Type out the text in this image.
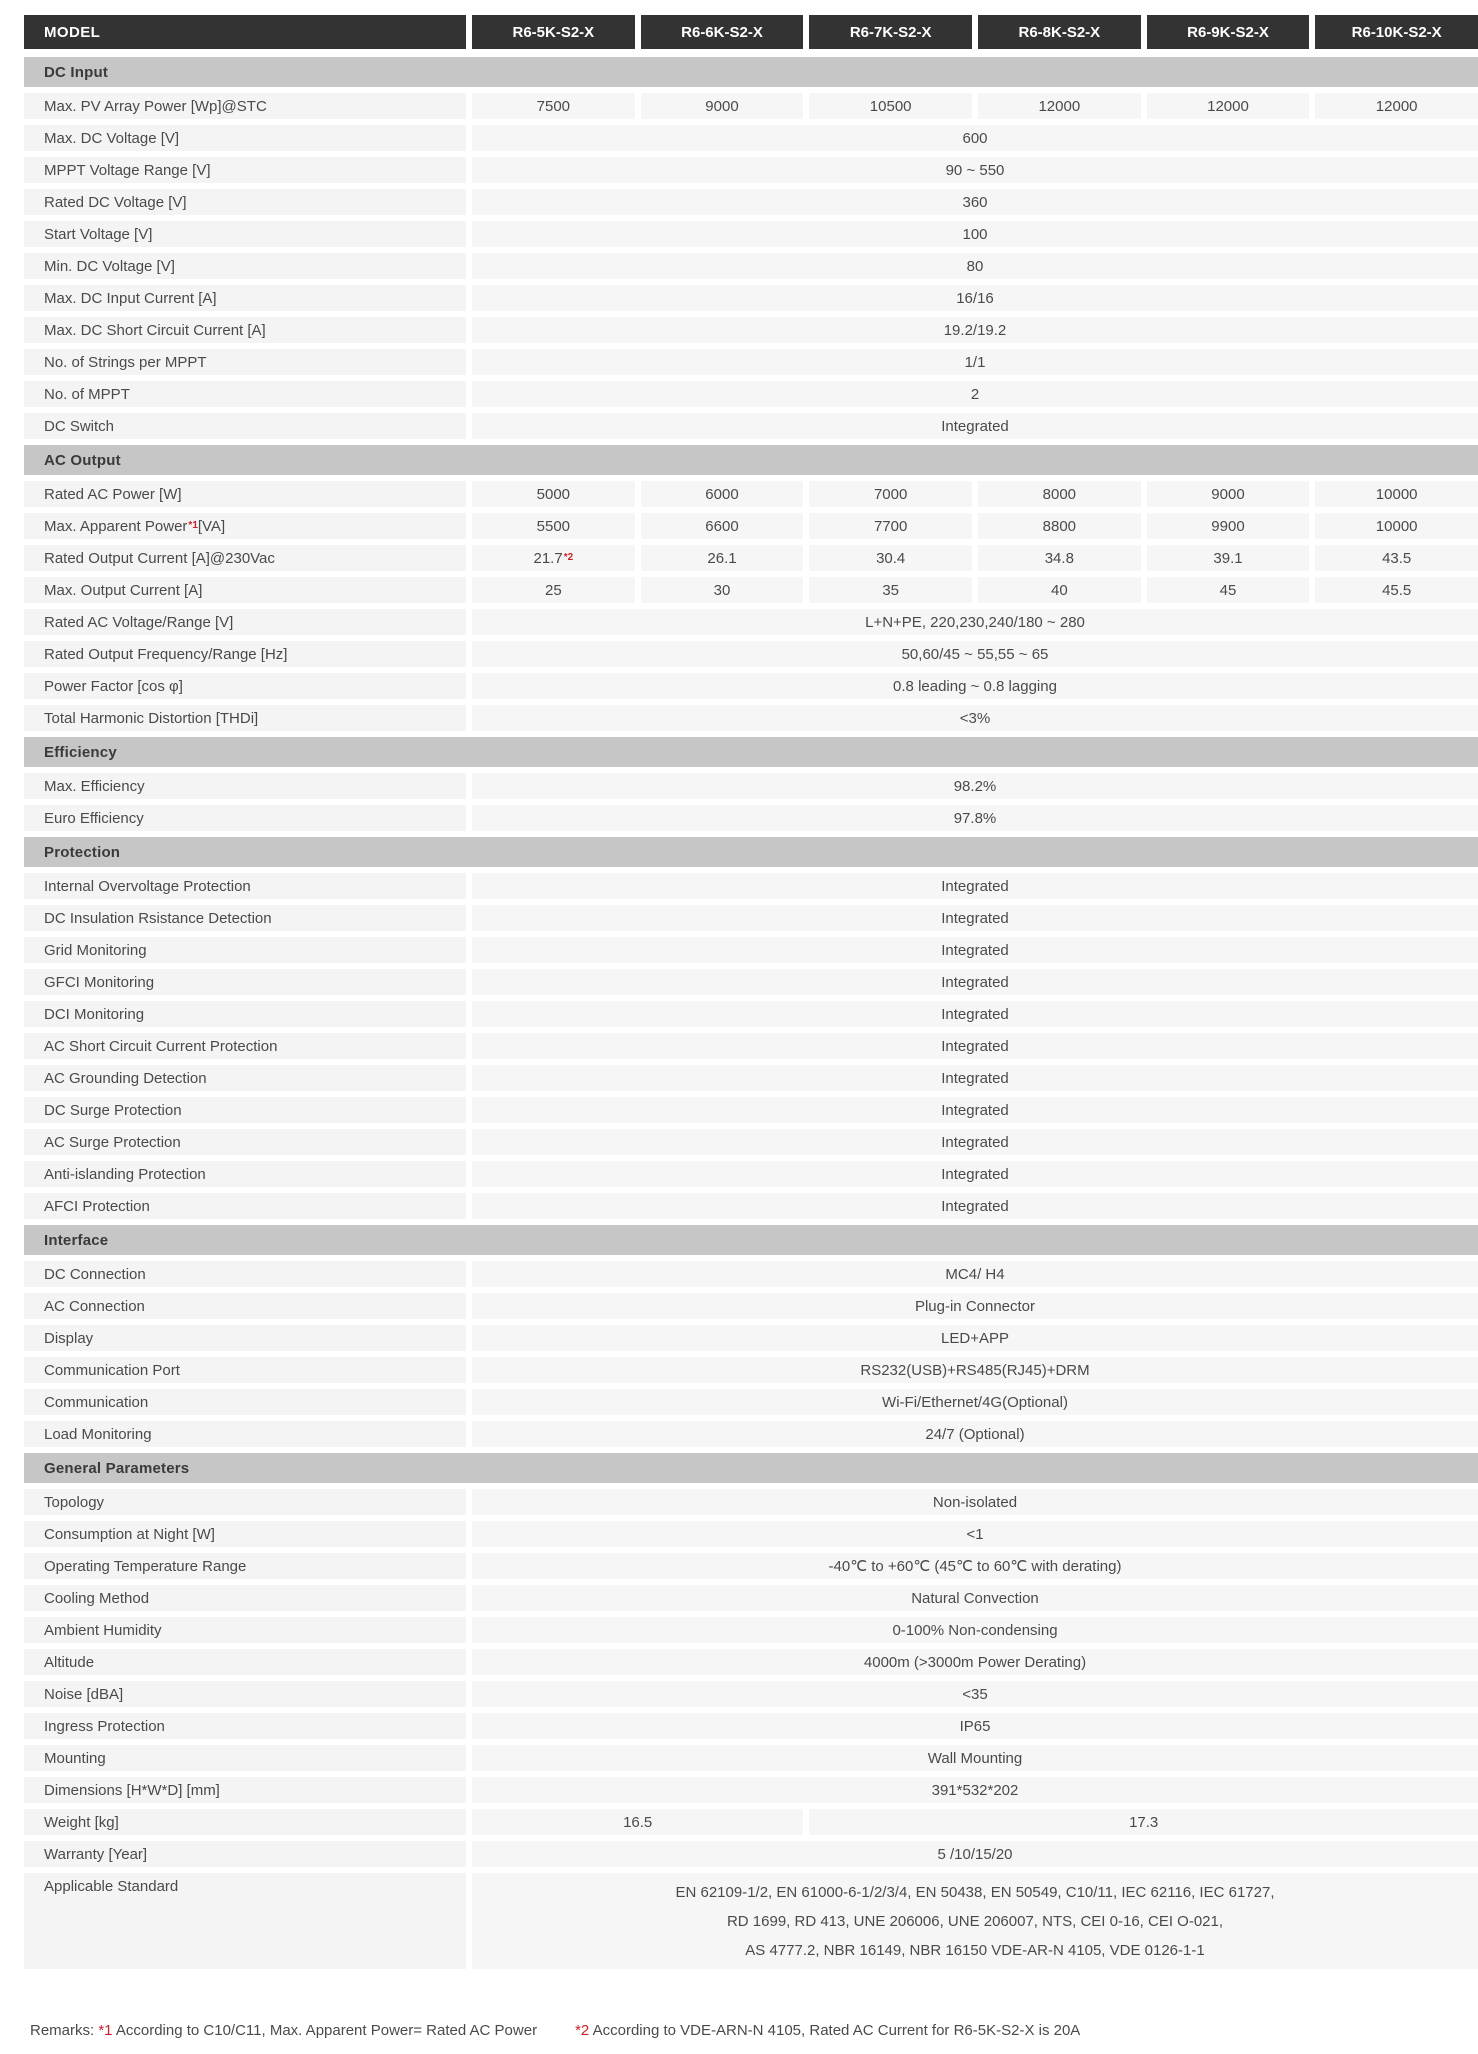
MODEL	R6-5K-S2-X	R6-6K-S2-X	R6-7K-S2-X	R6-8K-S2-X	R6-9K-S2-X	R6-10K-S2-X
DC Input
Max. PV Array Power [Wp]@STC	7500	9000	10500	12000	12000	12000
Max. DC Voltage [V]	600
MPPT Voltage Range [V]	90 ~ 550
Rated DC Voltage [V]	360
Start Voltage [V]	100
Min. DC Voltage [V]	80
Max. DC Input Current [A]	16/16
Max. DC Short Circuit Current [A]	19.2/19.2
No. of Strings per MPPT	1/1
No. of MPPT	2
DC Switch	Integrated
AC Output
Rated AC Power [W]	5000	6000	7000	8000	9000	10000
Max. Apparent Power *1 [VA]	5500	6600	7700	8800	9900	10000
Rated Output Current [A]@230Vac	21.7 *2	26.1	30.4	34.8	39.1	43.5
Max. Output Current [A]	25	30	35	40	45	45.5
Rated AC Voltage/Range [V]	L+N+PE, 220,230,240/180 ~ 280
Rated Output Frequency/Range [Hz]	50,60/45 ~ 55,55 ~ 65
Power Factor [cos φ]	0.8 leading ~ 0.8 lagging
Total Harmonic Distortion [THDi]	<3%
Efficiency
Max. Efficiency	98.2%
Euro Efficiency	97.8%
Protection
Internal Overvoltage Protection	Integrated
DC Insulation Rsistance Detection	Integrated
Grid Monitoring	Integrated
GFCI Monitoring	Integrated
DCI Monitoring	Integrated
AC Short Circuit Current Protection	Integrated
AC Grounding Detection	Integrated
DC Surge Protection	Integrated
AC Surge Protection	Integrated
Anti-islanding Protection	Integrated
AFCI Protection	Integrated
Interface
DC Connection	MC4/ H4
AC Connection	Plug-in Connector
Display	LED+APP
Communication Port	RS232(USB)+RS485(RJ45)+DRM
Communication	Wi-Fi/Ethernet/4G(Optional)
Load Monitoring	24/7 (Optional)
General Parameters
Topology	Non-isolated
Consumption at Night [W]	<1
Operating Temperature Range	-40℃ to +60℃ (45℃ to 60℃ with derating)
Cooling Method	Natural Convection
Ambient Humidity	0-100% Non-condensing
Altitude	4000m (>3000m Power Derating)
Noise [dBA]	<35
Ingress Protection	IP65
Mounting	Wall Mounting
Dimensions [H*W*D] [mm]	391*532*202
Weight [kg]	16.5	17.3
Warranty [Year]	5 /10/15/20
Applicable Standard	EN 62109-1/2, EN 61000-6-1/2/3/4, EN 50438, EN 50549, C10/11, IEC 62116, IEC 61727,
RD 1699, RD 413, UNE 206006, UNE 206007, NTS, CEI 0-16, CEI O-021,
AS 4777.2, NBR 16149, NBR 16150 VDE-AR-N 4105, VDE 0126-1-1
Remarks: *1 According to C10/C11, Max. Apparent Power= Rated AC Power	*2 According to VDE-ARN-N 4105, Rated AC Current for R6-5K-S2-X is 20A
